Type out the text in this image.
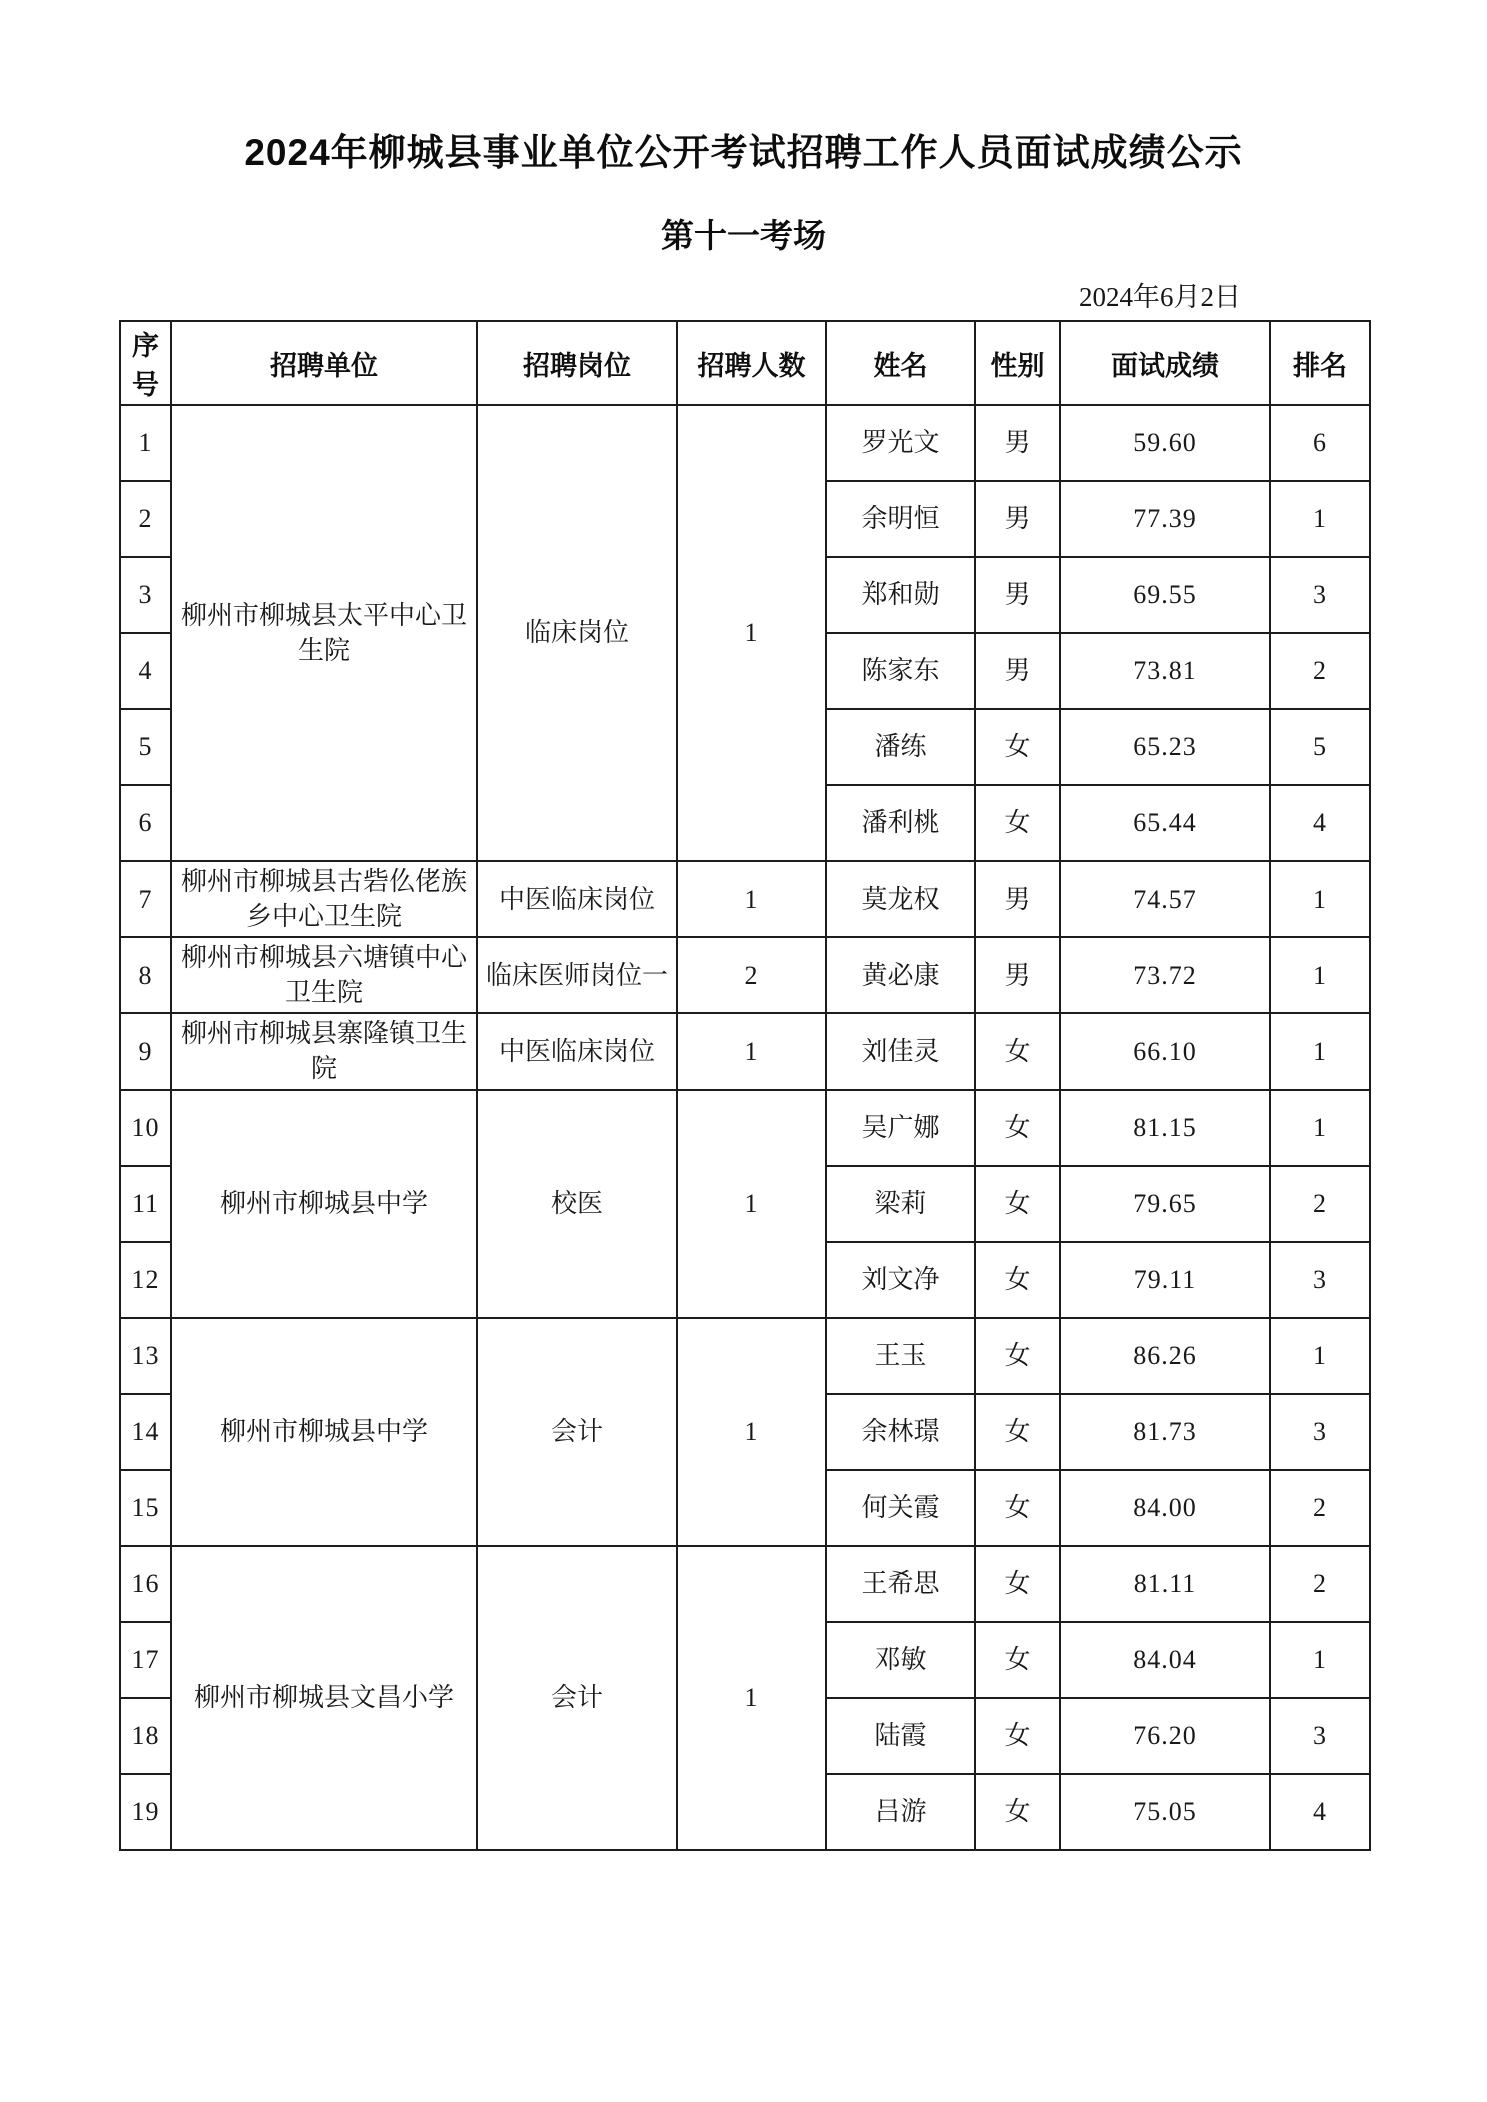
2024年柳城县事业单位公开考试招聘工作人员面试成绩公示
第十一考场
2024年6月2日
序号	招聘单位	招聘岗位	招聘人数	姓名	性别	面试成绩	排名
1	柳州市柳城县太平中心卫生院	临床岗位	1	罗光文	男	59.60	6
2				余明恒	男	77.39	1
3				郑和勋	男	69.55	3
4				陈家东	男	73.81	2
5				潘练	女	65.23	5
6				潘利桃	女	65.44	4
7	柳州市柳城县古砦仫佬族乡中心卫生院	中医临床岗位	1	莫龙权	男	74.57	1
8	柳州市柳城县六塘镇中心卫生院	临床医师岗位一	2	黄必康	男	73.72	1
9	柳州市柳城县寨隆镇卫生院	中医临床岗位	1	刘佳灵	女	66.10	1
10	柳州市柳城县中学	校医	1	吴广娜	女	81.15	1
11				梁莉	女	79.65	2
12				刘文净	女	79.11	3
13	柳州市柳城县中学	会计	1	王玉	女	86.26	1
14				余林璟	女	81.73	3
15				何关霞	女	84.00	2
16	柳州市柳城县文昌小学	会计	1	王希思	女	81.11	2
17				邓敏	女	84.04	1
18				陆霞	女	76.20	3
19				吕游	女	75.05	4
